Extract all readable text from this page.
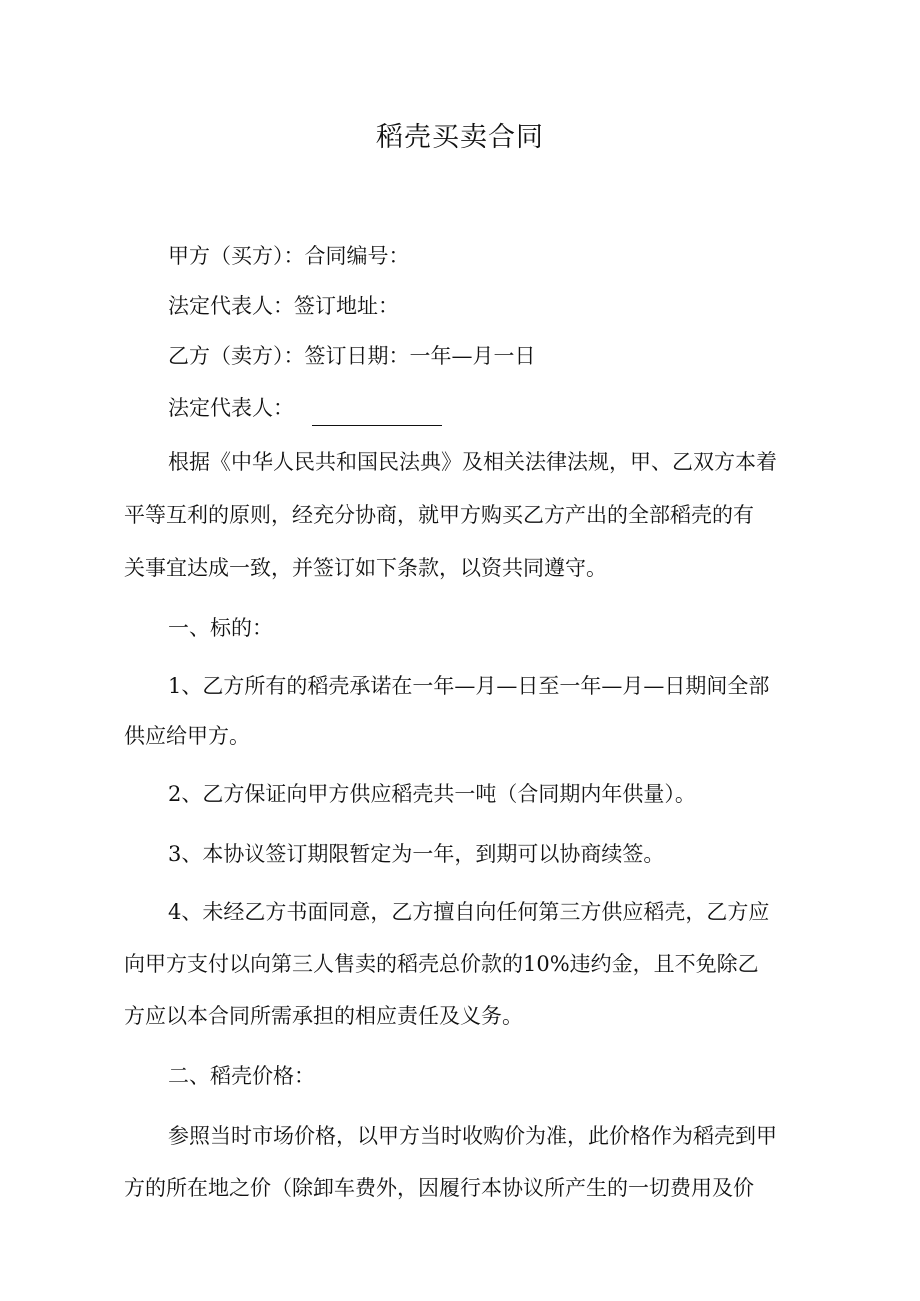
稻壳买卖合同

甲方（买方）：合同编号：

法定代表人：签订地址：

乙方（卖方）：签订日期：一年—月一日

法定代表人：

根据《中华人民共和国民法典》及相关法律法规，甲、乙双方本着

平等互利的原则，经充分协商，就甲方购买乙方产出的全部稻壳的有

关事宜达成一致，并签订如下条款，以资共同遵守。

一、标的：

1、乙方所有的稻壳承诺在一年—月—日至一年—月—日期间全部

供应给甲方。

2、乙方保证向甲方供应稻壳共一吨（合同期内年供量）。

3、本协议签订期限暂定为一年，到期可以协商续签。

4、未经乙方书面同意，乙方擅自向任何第三方供应稻壳，乙方应

向甲方支付以向第三人售卖的稻壳总价款的10%违约金，且不免除乙

方应以本合同所需承担的相应责任及义务。

二、稻壳价格：

参照当时市场价格，以甲方当时收购价为准，此价格作为稻壳到甲

方的所在地之价（除卸车费外，因履行本协议所产生的一切费用及价
